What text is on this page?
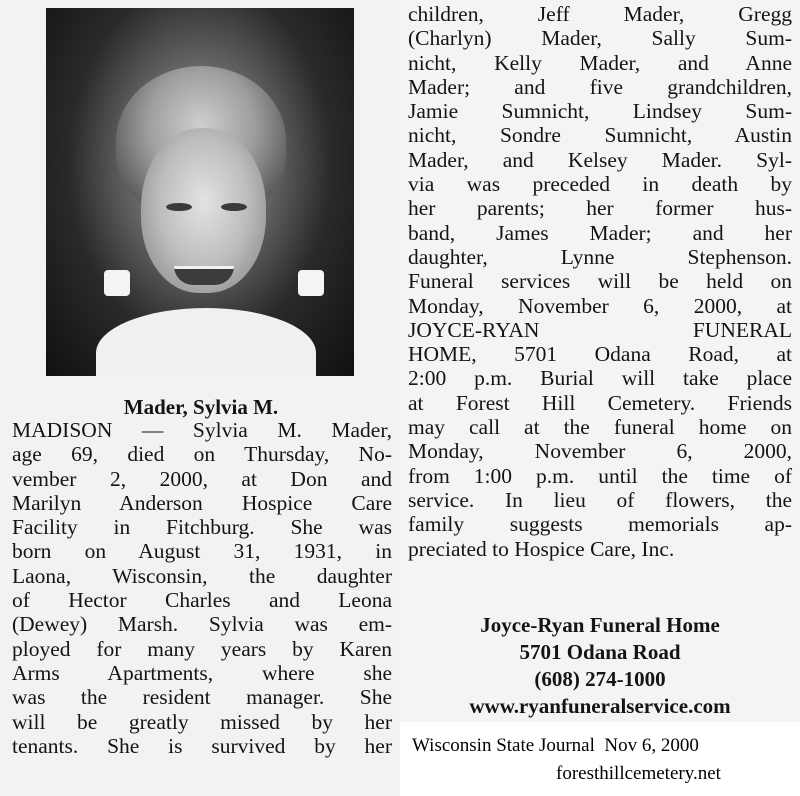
Mader, Sylvia M.
MADISON — Sylvia M. Mader,
age 69, died on Thursday, No-
vember 2, 2000, at Don and
Marilyn Anderson Hospice Care
Facility in Fitchburg. She was
born on August 31, 1931, in
Laona, Wisconsin, the daughter
of Hector Charles and Leona
(Dewey) Marsh. Sylvia was em-
ployed for many years by Karen
Arms Apartments, where she
was the resident manager. She
will be greatly missed by her
tenants. She is survived by her
children, Jeff Mader, Gregg
(Charlyn) Mader, Sally Sum-
nicht, Kelly Mader, and Anne
Mader; and five grandchildren,
Jamie Sumnicht, Lindsey Sum-
nicht, Sondre Sumnicht, Austin
Mader, and Kelsey Mader. Syl-
via was preceded in death by
her parents; her former hus-
band, James Mader; and her
daughter, Lynne Stephenson.
Funeral services will be held on
Monday, November 6, 2000, at
JOYCE-RYAN FUNERAL
HOME, 5701 Odana Road, at
2:00 p.m. Burial will take place
at Forest Hill Cemetery. Friends
may call at the funeral home on
Monday, November 6, 2000,
from 1:00 p.m. until the time of
service. In lieu of flowers, the
family suggests memorials ap-
preciated to Hospice Care, Inc.
Joyce-Ryan Funeral Home
5701 Odana Road
(608) 274-1000
www.ryanfuneralservice.com
Wisconsin State Journal  Nov 6, 2000
foresthillcemetery.net
